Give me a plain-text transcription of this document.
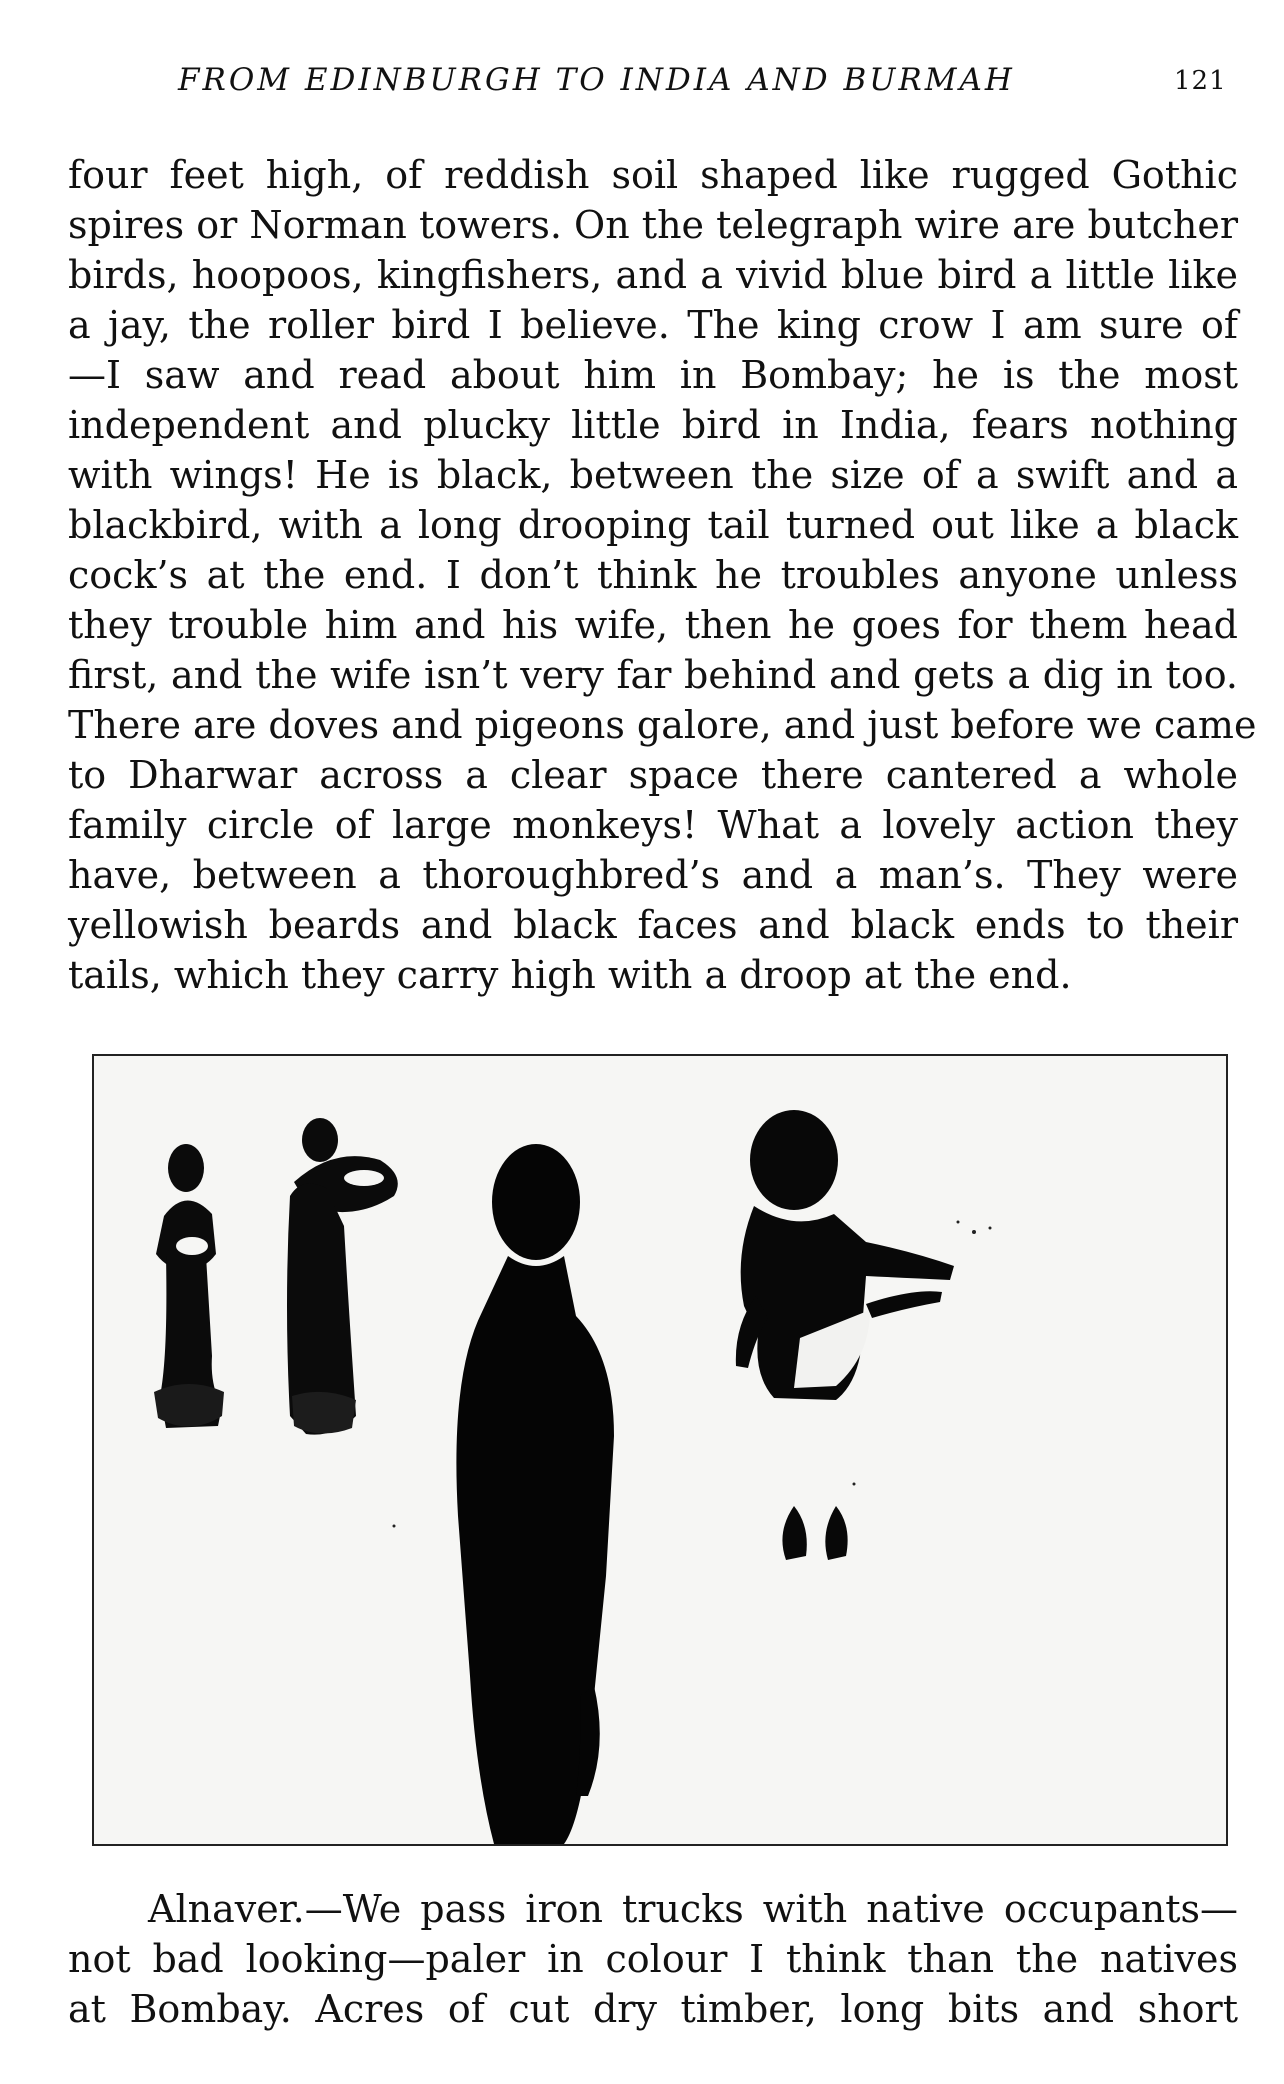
FROM EDINBURGH TO INDIA AND BURMAH	121
four feet high, of reddish soil shaped like rugged Gothic
spires or Norman towers. On the telegraph wire are butcher
birds, hoopoos, kingfishers, and a vivid blue bird a little like
a jay, the roller bird I believe. The king crow I am sure of
—I saw and read about him in Bombay; he is the most
independent and plucky little bird in India, fears nothing
with wings! He is black, between the size of a swift and a
blackbird, with a long drooping tail turned out like a black
cock’s at the end. I don’t think he troubles anyone unless
they trouble him and his wife, then he goes for them head
first, and the wife isn’t very far behind and gets a dig in too.
There are doves and pigeons galore, and just before we came
to Dharwar across a clear space there cantered a whole
family circle of large monkeys! What a lovely action they
have, between a thoroughbred’s and a man’s. They were
yellowish beards and black faces and black ends to their
tails, which they carry high with a droop at the end.
Alnaver.—We pass iron trucks with native occupants—
not bad looking—paler in colour I think than the natives
at Bombay. Acres of cut dry timber, long bits and short
